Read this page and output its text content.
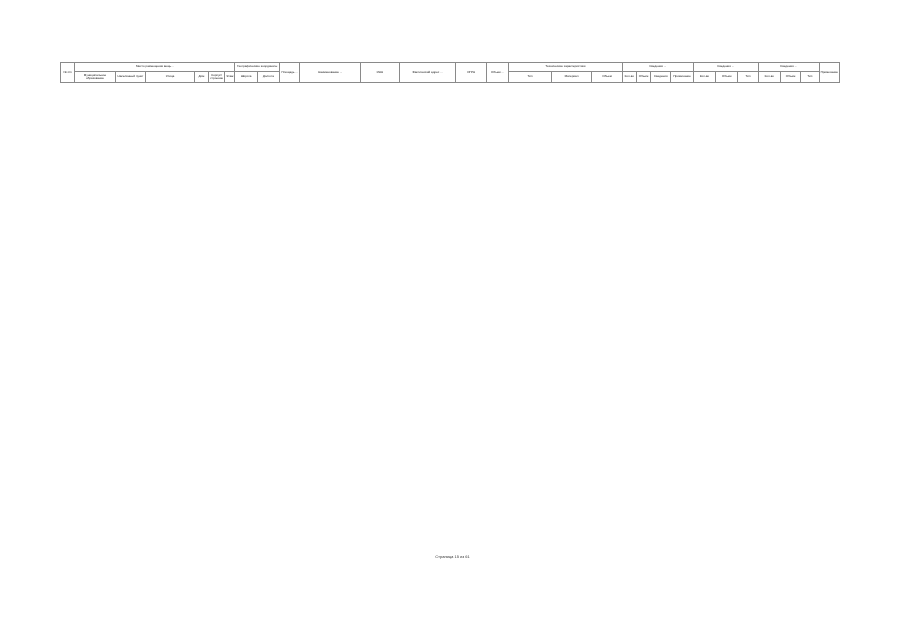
№ п/п	Место размещения вещь...						Географические координаты		Площадь ...	Наименование ...	ИНН	Фактический адрес ...	ОГРН	Объем ...	Технические характеристики			Сведения ...				Сведения ...			Сведения ...			Примечание
	Муниципальное образование	Населённый пункт	Улица	Дом	Корпус/строение	Этаж	Широта	Долгота							Тип	Материал	Объем	Кол-во	Объем	Сведения	Примечание	Кол-во	Объем	Тип	Кол-во	Объем	Тип	
Страница 15 из 61
